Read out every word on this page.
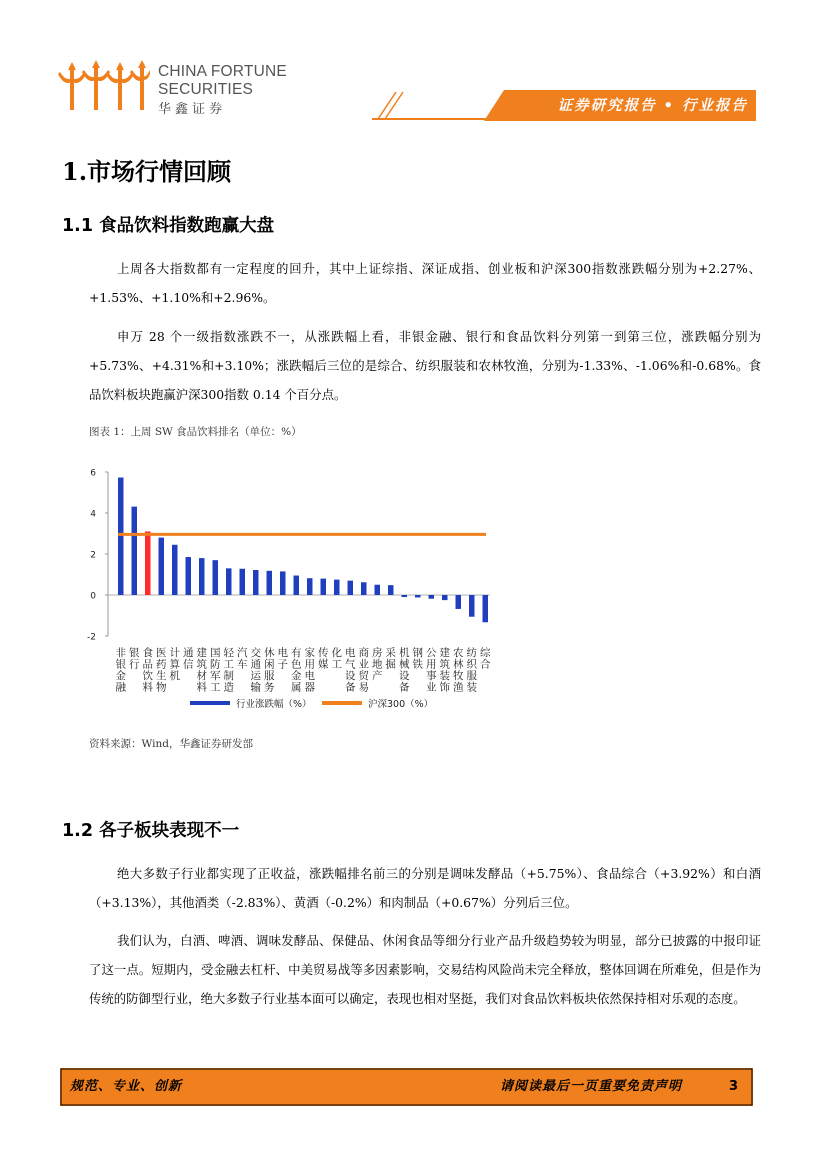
CHINA FORTUNE
SECURITIES
华鑫证券	证券研究报告 • 行业报告
1.市场行情回顾
1.1 食品饮料指数跑赢大盘
上周各大指数都有一定程度的回升，其中上证综指、深证成指、创业板和沪深300指数涨跌幅分别为+2.27%、+1.53%、+1.10%和+2.96%。
申万 28 个一级指数涨跌不一，从涨跌幅上看，非银金融、银行和食品饮料分列第一到第三位，涨跌幅分别为+5.73%、+4.31%和+3.10%；涨跌幅后三位的是综合、纺织服装和农林牧渔，分别为-1.33%、-1.06%和-0.68%。食品饮料板块跑赢沪深300指数 0.14 个百分点。
图表 1：上周 SW 食品饮料排名（单位：%）
6
4
2
0
-2
非
银
金
融
银
行
食
品
饮
料
医
药
生
物
计
算
机
通
信
建
筑
材
料
国
防
军
工
轻
工
制
造
汽
车
交
通
运
输
休
闲
服
务
电
子
有
色
金
属
家
用
电
器
传
媒
化
工
电
气
设
备
商
业
贸
易
房
地
产
采
掘
机
械
设
备
钢
铁
公
用
事
业
建
筑
装
饰
农
林
牧
渔
纺
织
服
装
综
合
行业涨跌幅（%）	沪深300（%）
资料来源：Wind，华鑫证券研发部
1.2 各子板块表现不一
绝大多数子行业都实现了正收益，涨跌幅排名前三的分别是调味发酵品（+5.75%）、食品综合（+3.92%）和白酒（+3.13%），其他酒类（-2.83%）、黄酒（-0.2%）和肉制品（+0.67%）分列后三位。
我们认为，白酒、啤酒、调味发酵品、保健品、休闲食品等细分行业产品升级趋势较为明显，部分已披露的中报印证了这一点。短期内，受金融去杠杆、中美贸易战等多因素影响，交易结构风险尚未完全释放，整体回调在所难免，但是作为传统的防御型行业，绝大多数子行业基本面可以确定，表现也相对坚挺，我们对食品饮料板块依然保持相对乐观的态度。
规范、专业、创新	请阅读最后一页重要免责声明	3
